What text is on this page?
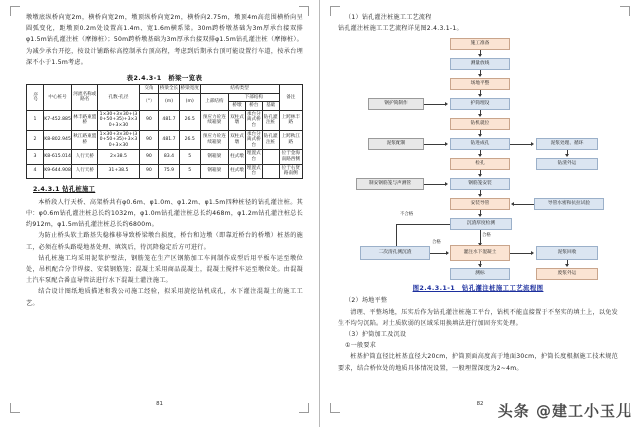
墩墩底纵桥向宽2m，横桥向宽2m，墩顶纵桥向宽2m，横桥向2.75m，墩顶4m高范围横桥向呈圆弧变化，距墩顶0.2m处设置高1.4m、宽1.6m横系梁。30m跨桥墩基础为3m厚承台接双排φ1.5m钻孔灌注桩（摩擦桩）；50m跨桥墩基础为3m厚承台接双排φ1.5m钻孔灌注桩（摩擦桩）。为减少承台开挖，按设计铺路标高控制承台顶高程，考虑到后期承台顶可能设置行车道，按承台埋深不小于1.5m考虑。

表2.4.3-1　桥梁一览表
序号	中心桩号	河流名称或路名	孔数-孔径	交角	桥梁全长	桥梁宽度	结构类型				备注
				（°）	(m)	(m)	上部结构	下部结构			
								桥墩	桥台	基础	
1	K7-452.885	林丰路東盟桥	1×30+3×30+(30+50+35)+3×30+3×30	90	481.7	26.5	预应力砼连续箱梁	双柱式墩	承台分离式桥台	钻孔灌注桩	上跨林丰路
2	K8-802.945	秋江路東盟桥	1×30+3×30+(30+50+35)+3×30+3×30	90	481.7	26.5	预应力砼连续箱梁	双柱式墩	承台分离式桥台	钻孔灌注桩	上跨秋江路
3	K8-615.014	人行天桥	2×38.5	90	83.4	5	钢箱梁	柱式墩	埋置式台		位于金海南路西侧
4	K9-644.908	人行天桥	31+38.5	90	75.9	5	钢箱梁	柱式墩	埋置式台		位于右贤路南侧
2.4.3.1 钻孔桩施工

本桥段人行天桥、高架桥共有φ0.6m、φ1.0m、φ1.2m、φ1.5m四种桩径的钻孔灌注桩。其中：φ0.6m钻孔灌注桩总长约1032m，φ1.0m钻孔灌注桩总长约468m，φ1.2m钻孔灌注桩总长约912m，φ1.5m钻孔灌注桩总长约6800m。

为防止桥头软土路基失稳推移导致桥梁墩台损度，桥台和边墩（即靠近桥台的桥墩）桩基的施工，必须在桥头路堤地基处理、填筑后，待沉降稳定后方可进行。

钻孔桩施工均采用泥浆护壁法，钢筋笼在生产区钢筋加工车间制作成型后用平板车运至墩位处，吊机配合分节焊接、安装钢筋笼；混凝土采用商品混凝土，混凝土搅拌车运至墩位处。由混凝土汽车泵配合番直导管法进行水下混凝土灌注施工。

结合设计图纸地质描述和我公司施工经验，拟采用旋挖钻机成孔，水下灌注混凝土的施工工艺。

81

（1）钻孔灌注桩施工工艺流程

钻孔灌注桩施工工艺流程详见图2.4.3.1-1。

施工准备
测量放线
场地平整
钢护筒制作	护筒埋设
钻机就位
泥浆配制	钻进成孔	泥浆处理、循环
检孔	钻渣外运
制安钢筋笼与声测管	钢筋笼安装
安装导管	导管水密和抗拉试验
沉渣厚度检测
不合格
合格
二次清孔测沉渣
合格
灌注水下混凝土	泥浆回收
废浆外运
测标
图2.4.3.1-1　钻孔灌注桩施工工艺流程图

（2）场地平整

清理、平整场地，压实后作为钻孔灌注桩施工平台，钻机不能直接置于不坚实的填土上，以免发生不均匀沉陷。对土质软弱的区域采用换填法进行加固夯实处理。

（3）护筒加工及沉设

①一般要求

桩基护筒直径比桩基直径大20cm，护筒顶面高度高于地面30cm，护筒长度根据施工技术规范要求，结合桥位处的地质具体情况设置，一般埋置深度为2~4m。

82 头条 @建工小玉儿
